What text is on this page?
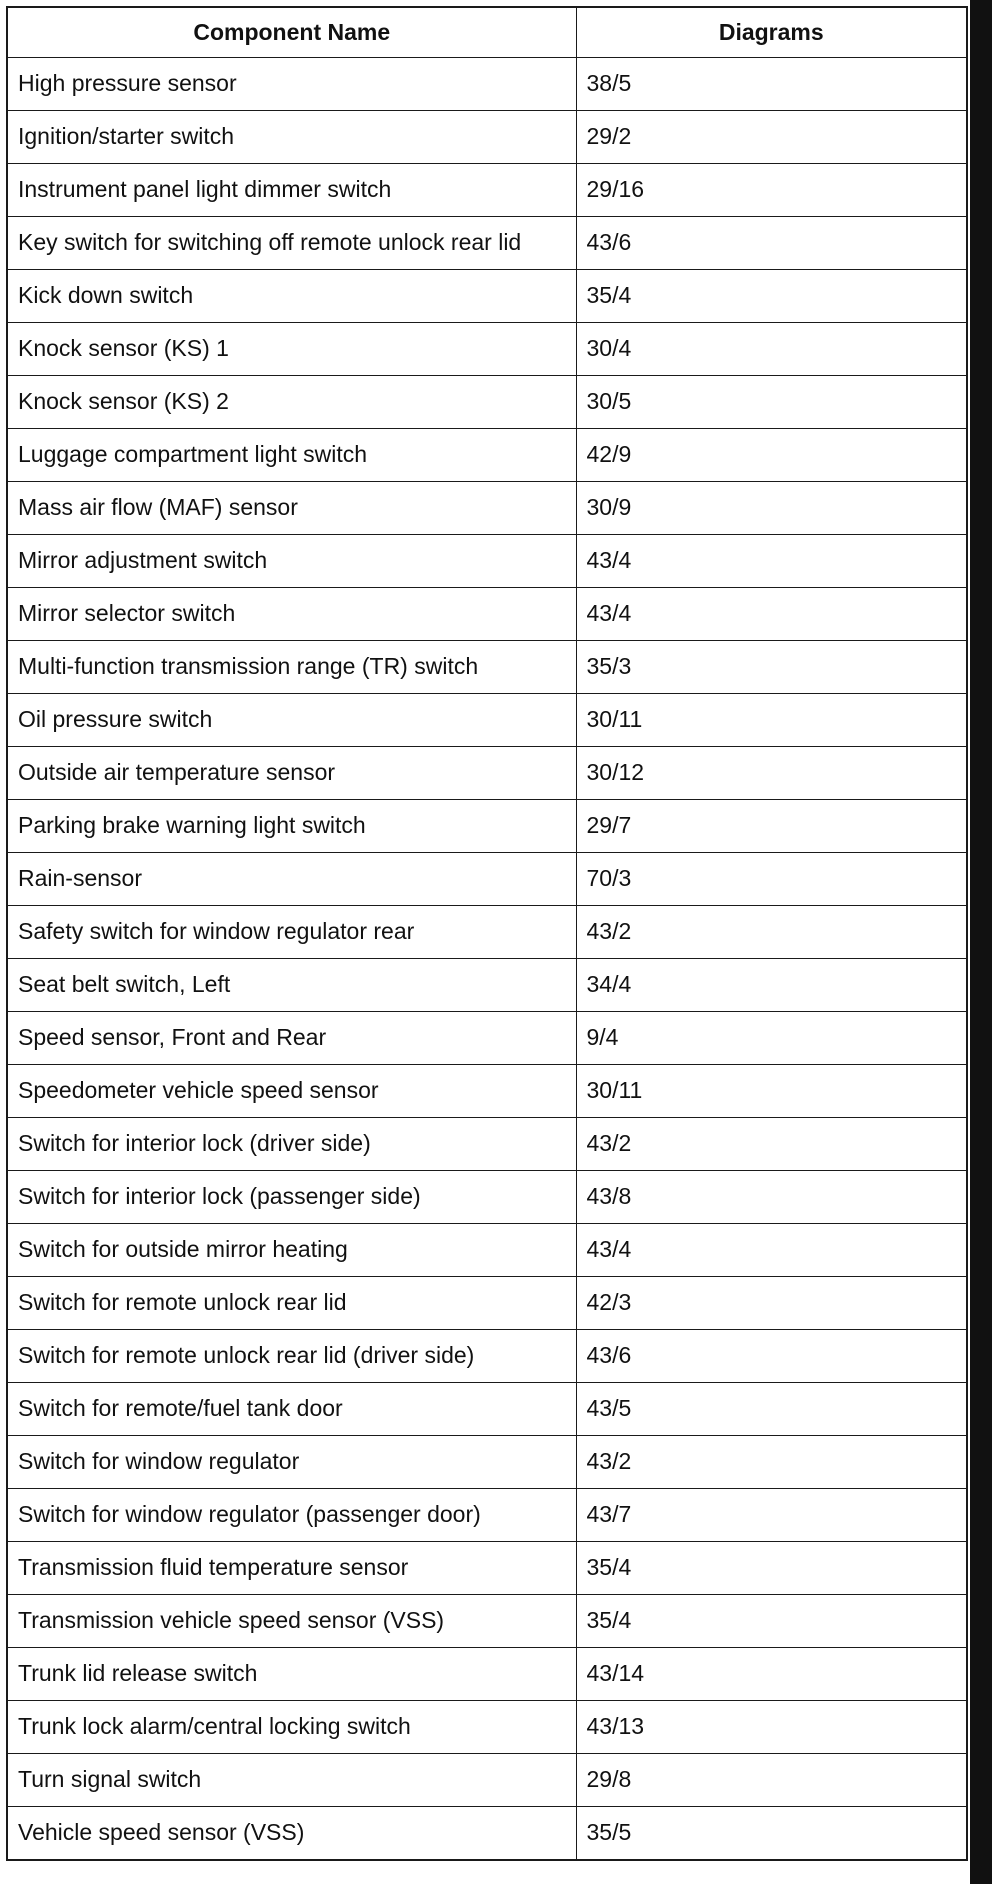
Component Name	Diagrams
High pressure sensor	38/5
Ignition/starter switch	29/2
Instrument panel light dimmer switch	29/16
Key switch for switching off remote unlock rear lid	43/6
Kick down switch	35/4
Knock sensor (KS) 1	30/4
Knock sensor (KS) 2	30/5
Luggage compartment light switch	42/9
Mass air flow (MAF) sensor	30/9
Mirror adjustment switch	43/4
Mirror selector switch	43/4
Multi-function transmission range (TR) switch	35/3
Oil pressure switch	30/11
Outside air temperature sensor	30/12
Parking brake warning light switch	29/7
Rain-sensor	70/3
Safety switch for window regulator rear	43/2
Seat belt switch, Left	34/4
Speed sensor, Front and Rear	9/4
Speedometer vehicle speed sensor	30/11
Switch for interior lock (driver side)	43/2
Switch for interior lock (passenger side)	43/8
Switch for outside mirror heating	43/4
Switch for remote unlock rear lid	42/3
Switch for remote unlock rear lid (driver side)	43/6
Switch for remote/fuel tank door	43/5
Switch for window regulator	43/2
Switch for window regulator (passenger door)	43/7
Transmission fluid temperature sensor	35/4
Transmission vehicle speed sensor (VSS)	35/4
Trunk lid release switch	43/14
Trunk lock alarm/central locking switch	43/13
Turn signal switch	29/8
Vehicle speed sensor (VSS)	35/5
